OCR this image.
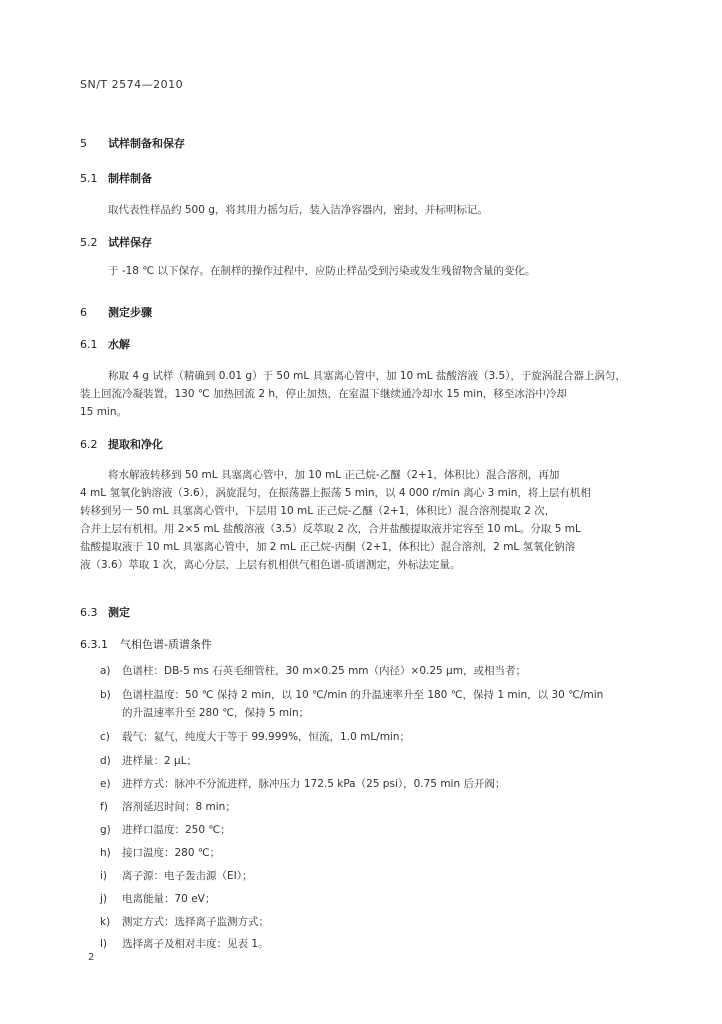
SN/T 2574—2010
5 试样制备和保存
5.1 制样制备
取代表性样品约 500 g，将其用力摇匀后，装入洁净容器内，密封，并标明标记。
5.2 试样保存
于 -18 ℃ 以下保存。在制样的操作过程中，应防止样品受到污染或发生残留物含量的变化。
6 测定步骤
6.1 水解
称取 4 g 试样（精确到 0.01 g）于 50 mL 具塞离心管中，加 10 mL 盐酸溶液（3.5），于旋涡混合器上涡匀，
装上回流冷凝装置，130 ℃ 加热回流 2 h，停止加热，在室温下继续通冷却水 15 min，移至冰浴中冷却
15 min。
6.2 提取和净化
将水解液转移到 50 mL 具塞离心管中，加 10 mL 正己烷-乙醚（2+1，体积比）混合溶剂，再加
4 mL 氢氧化钠溶液（3.6），涡旋混匀，在振荡器上振荡 5 min，以 4 000 r/min 离心 3 min，将上层有机相
转移到另一 50 mL 具塞离心管中，下层用 10 mL 正己烷-乙醚（2+1，体积比）混合溶剂提取 2 次，
合并上层有机相。用 2×5 mL 盐酸溶液（3.5）反萃取 2 次，合并盐酸提取液并定容至 10 mL。分取 5 mL
盐酸提取液于 10 mL 具塞离心管中，加 2 mL 正己烷-丙酮（2+1，体积比）混合溶剂，2 mL 氢氧化钠溶
液（3.6）萃取 1 次，离心分层，上层有机相供气相色谱-质谱测定，外标法定量。
6.3 测定
6.3.1 气相色谱-质谱条件
a) 色谱柱：DB-5 ms 石英毛细管柱，30 m×0.25 mm（内径）×0.25 μm，或相当者；
b) 色谱柱温度：50 ℃ 保持 2 min，以 10 ℃/min 的升温速率升至 180 ℃，保持 1 min，以 30 ℃/min
的升温速率升至 280 ℃，保持 5 min；
c) 载气：氦气，纯度大于等于 99.999%，恒流，1.0 mL/min；
d) 进样量：2 μL；
e) 进样方式：脉冲不分流进样，脉冲压力 172.5 kPa（25 psi），0.75 min 后开阀；
f) 溶剂延迟时间：8 min；
g) 进样口温度：250 ℃；
h) 接口温度：280 ℃；
i) 离子源：电子轰击源（EI）；
j) 电离能量：70 eV；
k) 测定方式：选择离子监测方式；
l) 选择离子及相对丰度：见表 1。
2
